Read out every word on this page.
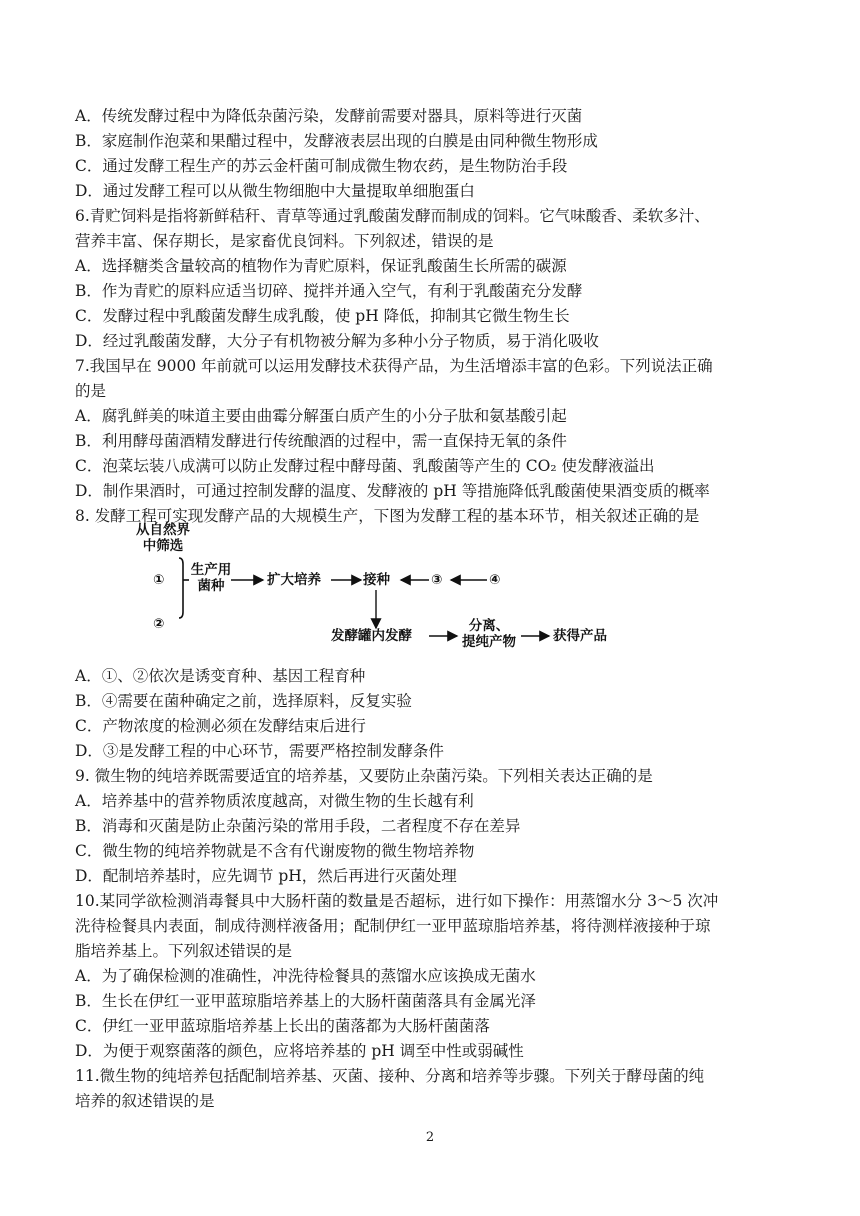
A．传统发酵过程中为降低杂菌污染，发酵前需要对器具，原料等进行灭菌
B．家庭制作泡菜和果醋过程中，发酵液表层出现的白膜是由同种微生物形成
C．通过发酵工程生产的苏云金杆菌可制成微生物农药，是生物防治手段
D．通过发酵工程可以从微生物细胞中大量提取单细胞蛋白
6.青贮饲料是指将新鲜秸秆、青草等通过乳酸菌发酵而制成的饲料。它气味酸香、柔软多汁、
营养丰富、保存期长，是家畜优良饲料。下列叙述，错误的是
A．选择糖类含量较高的植物作为青贮原料，保证乳酸菌生长所需的碳源
B．作为青贮的原料应适当切碎、搅拌并通入空气，有利于乳酸菌充分发酵
C．发酵过程中乳酸菌发酵生成乳酸，使 pH 降低，抑制其它微生物生长
D．经过乳酸菌发酵，大分子有机物被分解为多种小分子物质，易于消化吸收
7.我国早在 9000 年前就可以运用发酵技术获得产品，为生活增添丰富的色彩。下列说法正确
的是
A．腐乳鲜美的味道主要由曲霉分解蛋白质产生的小分子肽和氨基酸引起
B．利用酵母菌酒精发酵进行传统酿酒的过程中，需一直保持无氧的条件
C．泡菜坛装八成满可以防止发酵过程中酵母菌、乳酸菌等产生的 CO₂ 使发酵液溢出
D．制作果酒时，可通过控制发酵的温度、发酵液的 pH 等措施降低乳酸菌使果酒变质的概率
8. 发酵工程可实现发酵产品的大规模生产，下图为发酵工程的基本环节，相关叙述正确的是
从自然界
中筛选
①
②
生产用
菌种	扩大培养	接种	③	④
发酵罐内发酵
分离、
提纯产物	获得产品
A．①、②依次是诱变育种、基因工程育种
B．④需要在菌种确定之前，选择原料，反复实验
C．产物浓度的检测必须在发酵结束后进行
D．③是发酵工程的中心环节，需要严格控制发酵条件
9. 微生物的纯培养既需要适宜的培养基，又要防止杂菌污染。下列相关表达正确的是
A．培养基中的营养物质浓度越高，对微生物的生长越有利
B．消毒和灭菌是防止杂菌污染的常用手段，二者程度不存在差异
C．微生物的纯培养物就是不含有代谢废物的微生物培养物
D．配制培养基时，应先调节 pH，然后再进行灭菌处理
10.某同学欲检测消毒餐具中大肠杆菌的数量是否超标，进行如下操作：用蒸馏水分 3～5 次冲
洗待检餐具内表面，制成待测样液备用；配制伊红一亚甲蓝琼脂培养基，将待测样液接种于琼
脂培养基上。下列叙述错误的是
A．为了确保检测的准确性，冲洗待检餐具的蒸馏水应该换成无菌水
B．生长在伊红一亚甲蓝琼脂培养基上的大肠杆菌菌落具有金属光泽
C．伊红一亚甲蓝琼脂培养基上长出的菌落都为大肠杆菌菌落
D．为便于观察菌落的颜色，应将培养基的 pH 调至中性或弱碱性
11.微生物的纯培养包括配制培养基、灭菌、接种、分离和培养等步骤。下列关于酵母菌的纯
培养的叙述错误的是
2
